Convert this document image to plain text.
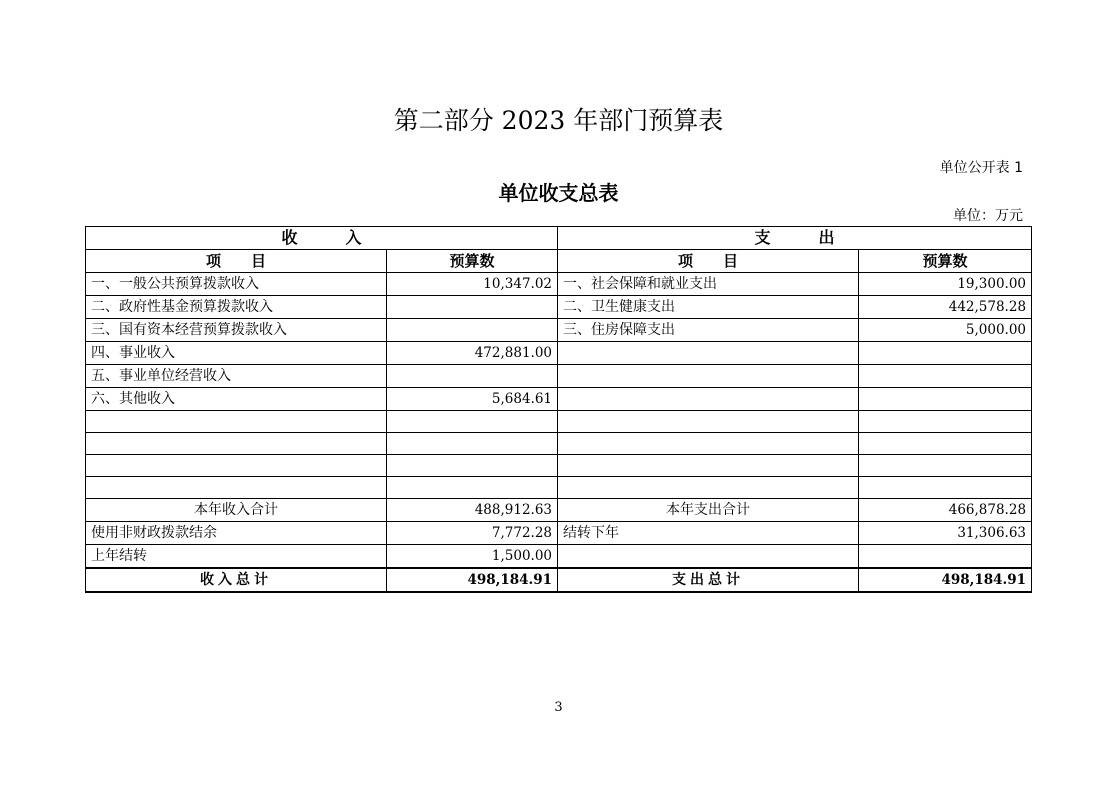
第二部分 2023 年部门预算表
单位公开表 1
单位收支总表
单位：万元
收　　　入		支　　　出	
项　　目	预算数	项　　目	预算数
一、一般公共预算拨款收入	10,347.02	一、社会保障和就业支出	19,300.00
二、政府性基金预算拨款收入		二、卫生健康支出	442,578.28
三、国有资本经营预算拨款收入		三、住房保障支出	5,000.00
四、事业收入	472,881.00		
五、事业单位经营收入			
六、其他收入	5,684.61		

本年收入合计	488,912.63	本年支出合计	466,878.28
使用非财政拨款结余	7,772.28	结转下年	31,306.63
上年结转	1,500.00		
收入总计	498,184.91	支出总计	498,184.91
3
